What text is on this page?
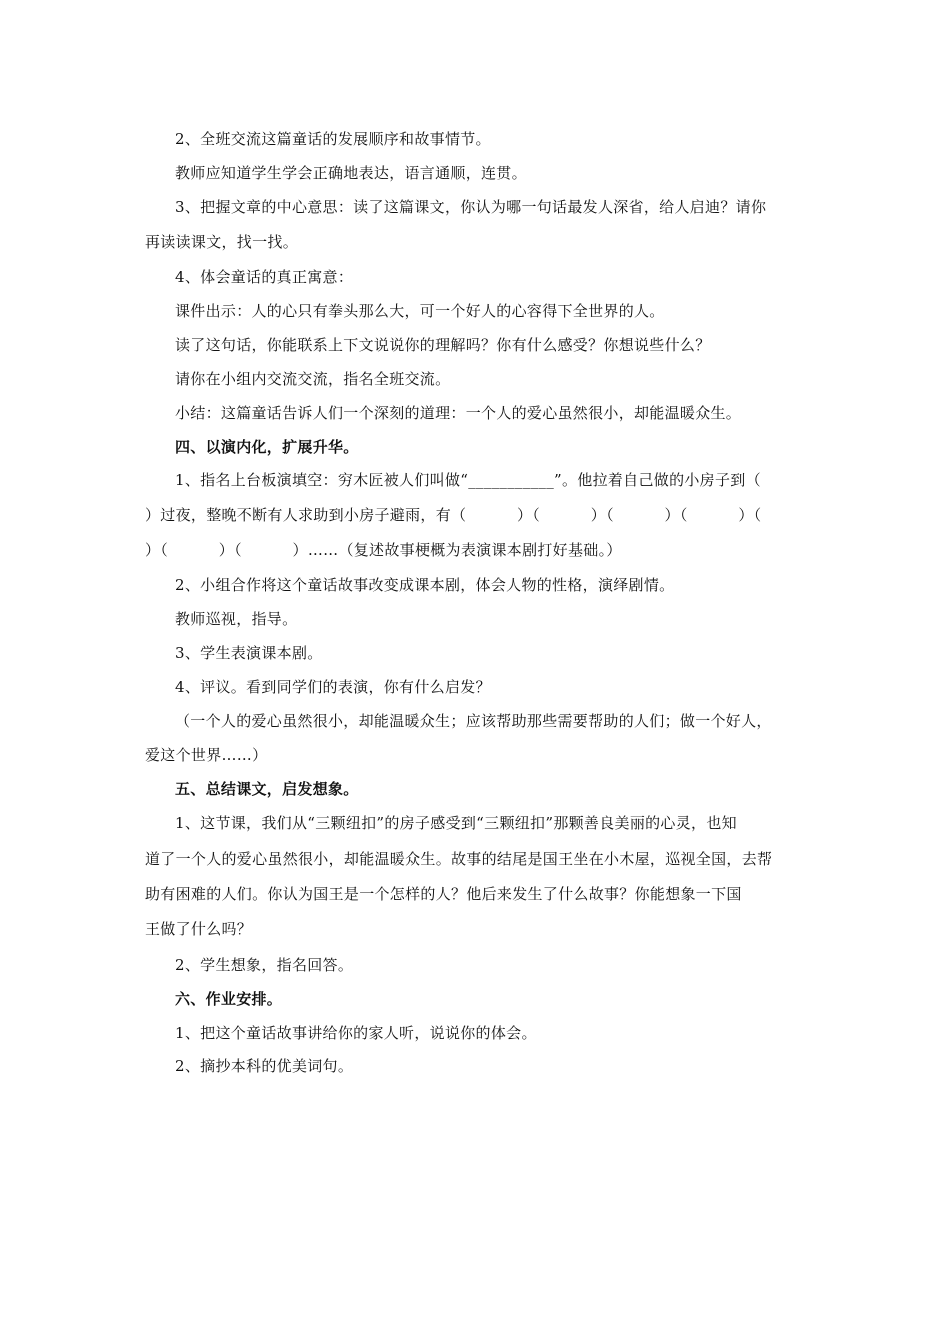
2、全班交流这篇童话的发展顺序和故事情节。
教师应知道学生学会正确地表达，语言通顺，连贯。
3、把握文章的中心意思：读了这篇课文，你认为哪一句话最发人深省，给人启迪？请你
再读读课文，找一找。
4、体会童话的真正寓意：
课件出示：人的心只有拳头那么大，可一个好人的心容得下全世界的人。
读了这句话，你能联系上下文说说你的理解吗？你有什么感受？你想说些什么？
请你在小组内交流交流，指名全班交流。
小结：这篇童话告诉人们一个深刻的道理：一个人的爱心虽然很小，却能温暖众生。
四、以演内化，扩展升华。
1、指名上台板演填空：穷木匠被人们叫做“___________”。他拉着自己做的小房子到（
）过夜，整晚不断有人求助到小房子避雨，有（          ）（          ）（          ）（          ）（
）（          ）（          ）……（复述故事梗概为表演课本剧打好基础。）
2、小组合作将这个童话故事改变成课本剧，体会人物的性格，演绎剧情。
教师巡视，指导。
3、学生表演课本剧。
4、评议。看到同学们的表演，你有什么启发？
（一个人的爱心虽然很小，却能温暖众生；应该帮助那些需要帮助的人们；做一个好人，
爱这个世界……）
五、总结课文，启发想象。
1、这节课，我们从“三颗纽扣”的房子感受到“三颗纽扣”那颗善良美丽的心灵，也知
道了一个人的爱心虽然很小，却能温暖众生。故事的结尾是国王坐在小木屋，巡视全国，去帮
助有困难的人们。你认为国王是一个怎样的人？他后来发生了什么故事？你能想象一下国
王做了什么吗？
2、学生想象，指名回答。
六、作业安排。
1、把这个童话故事讲给你的家人听，说说你的体会。
2、摘抄本科的优美词句。
